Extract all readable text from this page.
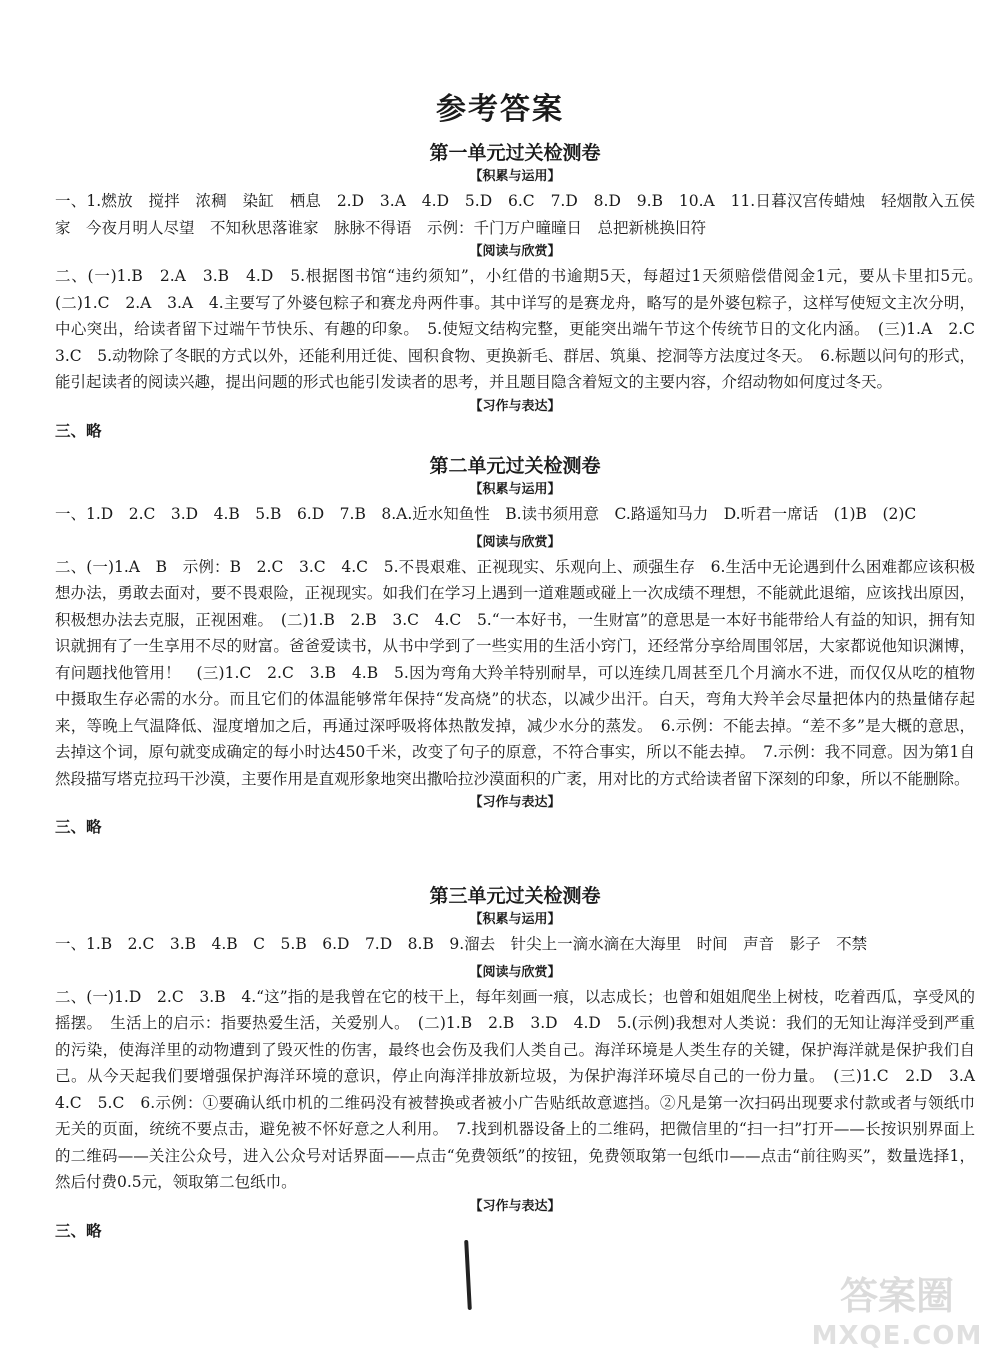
参考答案
第一单元过关检测卷
【积累与运用】

一、1.燃放　搅拌　浓稠　染缸　栖息　2.D　3.A　4.D　5.D　6.C　7.D　8.D　9.B　10.A　11.日暮汉宫传蜡烛　轻烟散入五侯家　今夜月明人尽望　不知秋思落谁家　脉脉不得语　示例：千门万户曈曈日　总把新桃换旧符

【阅读与欣赏】

二、(一)1.B　2.A　3.B　4.D　5.根据图书馆“违约须知”，小红借的书逾期5天，每超过1天须赔偿借阅金1元，要从卡里扣5元。　(二)1.C　2.A　3.A　4.主要写了外婆包粽子和赛龙舟两件事。其中详写的是赛龙舟，略写的是外婆包粽子，这样写使短文主次分明，中心突出，给读者留下过端午节快乐、有趣的印象。　5.使短文结构完整，更能突出端午节这个传统节日的文化内涵。　(三)1.A　2.C　3.C　5.动物除了冬眠的方式以外，还能利用迁徙、囤积食物、更换新毛、群居、筑巢、挖洞等方法度过冬天。　6.标题以问句的形式，能引起读者的阅读兴趣，提出问题的形式也能引发读者的思考，并且题目隐含着短文的主要内容，介绍动物如何度过冬天。

【习作与表达】
三、略
第二单元过关检测卷
【积累与运用】

一、1.D　2.C　3.D　4.B　5.B　6.D　7.B　8.A.近水知鱼性　B.读书须用意　C.路遥知马力　D.听君一席话　(1)B　(2)C

【阅读与欣赏】

二、(一)1.A　B　示例：B　2.C　3.C　4.C　5.不畏艰难、正视现实、乐观向上、顽强生存　6.生活中无论遇到什么困难都应该积极想办法，勇敢去面对，要不畏艰险，正视现实。如我们在学习上遇到一道难题或碰上一次成绩不理想，不能就此退缩，应该找出原因，积极想办法去克服，正视困难。　(二)1.B　2.B　3.C　4.C　5.“一本好书，一生财富”的意思是一本好书能带给人有益的知识，拥有知识就拥有了一生享用不尽的财富。爸爸爱读书，从书中学到了一些实用的生活小窍门，还经常分享给周围邻居，大家都说他知识渊博，有问题找他管用！　(三)1.C　2.C　3.B　4.B　5.因为弯角大羚羊特别耐旱，可以连续几周甚至几个月滴水不进，而仅仅从吃的植物中摄取生存必需的水分。而且它们的体温能够常年保持“发高烧”的状态，以减少出汗。白天，弯角大羚羊会尽量把体内的热量储存起来，等晚上气温降低、湿度增加之后，再通过深呼吸将体热散发掉，减少水分的蒸发。　6.示例：不能去掉。“差不多”是大概的意思，去掉这个词，原句就变成确定的每小时达450千米，改变了句子的原意，不符合事实，所以不能去掉。　7.示例：我不同意。因为第1自然段描写塔克拉玛干沙漠，主要作用是直观形象地突出撒哈拉沙漠面积的广袤，用对比的方式给读者留下深刻的印象，所以不能删除。

【习作与表达】
三、略
第三单元过关检测卷
【积累与运用】

一、1.B　2.C　3.B　4.B　C　5.B　6.D　7.D　8.B　9.溜去　针尖上一滴水滴在大海里　时间　声音　影子　不禁

【阅读与欣赏】

二、(一)1.D　2.C　3.B　4.“这”指的是我曾在它的枝干上，每年刻画一痕，以志成长；也曾和姐姐爬坐上树枝，吃着西瓜，享受风的摇摆。　生活上的启示：指要热爱生活，关爱别人。　(二)1.B　2.B　3.D　4.D　5.(示例)我想对人类说：我们的无知让海洋受到严重的污染，使海洋里的动物遭到了毁灭性的伤害，最终也会伤及我们人类自己。海洋环境是人类生存的关键，保护海洋就是保护我们自己。从今天起我们要增强保护海洋环境的意识，停止向海洋排放新垃圾，为保护海洋环境尽自己的一份力量。　(三)1.C　2.D　3.A　4.C　5.C　6.示例：①要确认纸巾机的二维码没有被替换或者被小广告贴纸故意遮挡。②凡是第一次扫码出现要求付款或者与领纸巾无关的页面，统统不要点击，避免被不怀好意之人利用。　7.找到机器设备上的二维码，把微信里的“扫一扫”打开——长按识别界面上的二维码——关注公众号，进入公众号对话界面——点击“免费领纸”的按钮，免费领取第一包纸巾——点击“前往购买”，数量选择1，然后付费0.5元，领取第二包纸巾。

【习作与表达】
三、略
答案圈
MXQE.COM
